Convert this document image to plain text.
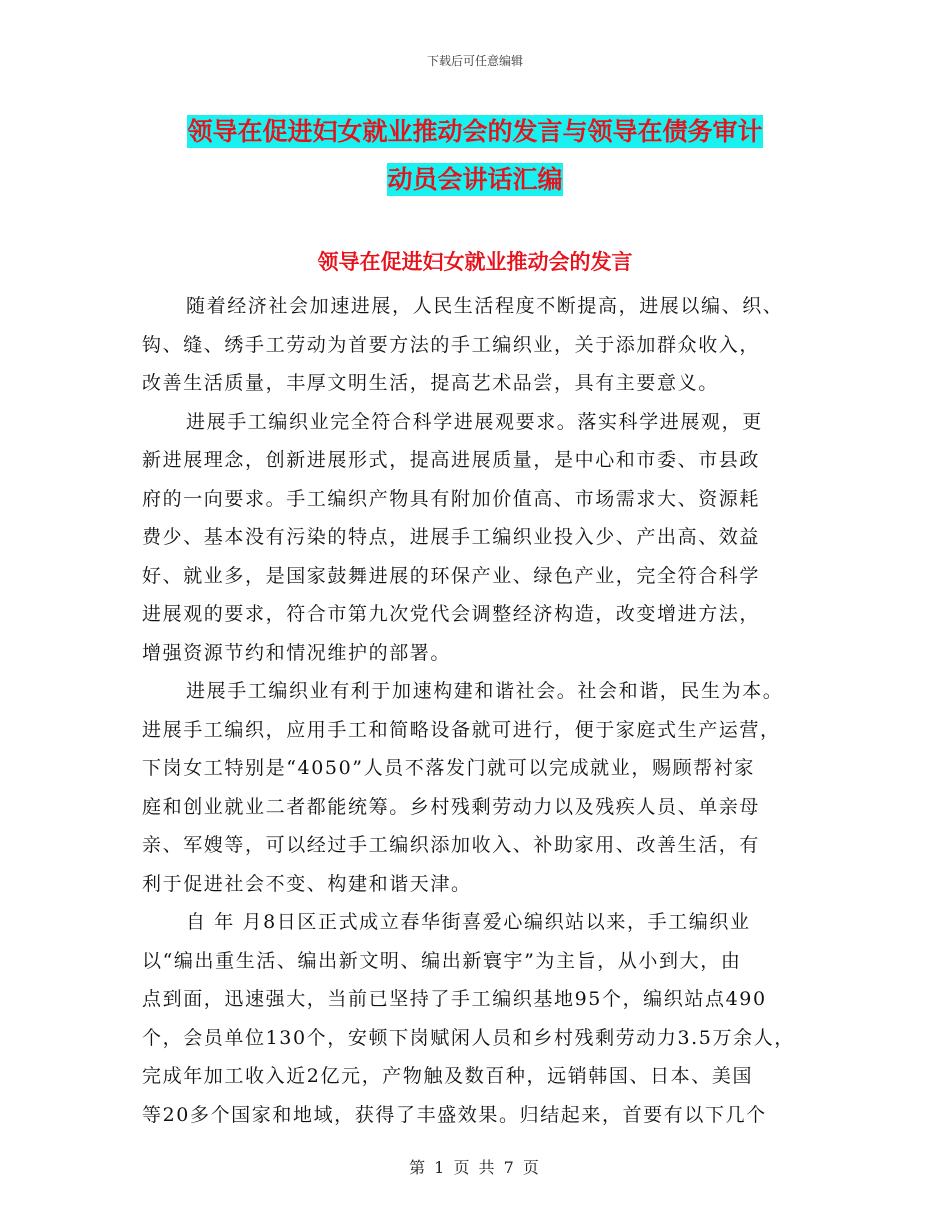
下载后可任意编辑
领导在促进妇女就业推动会的发言与领导在债务审计
动员会讲话汇编
领导在促进妇女就业推动会的发言
随着经济社会加速进展，人民生活程度不断提高，进展以编、织、
钩、缝、绣手工劳动为首要方法的手工编织业，关于添加群众收入，
改善生活质量，丰厚文明生活，提高艺术品尝，具有主要意义。
进展手工编织业完全符合科学进展观要求。落实科学进展观，更
新进展理念，创新进展形式，提高进展质量，是中心和市委、市县政
府的一向要求。手工编织产物具有附加价值高、市场需求大、资源耗
费少、基本没有污染的特点，进展手工编织业投入少、产出高、效益
好、就业多，是国家鼓舞进展的环保产业、绿色产业，完全符合科学
进展观的要求，符合市第九次党代会调整经济构造，改变增进方法，
增强资源节约和情况维护的部署。
进展手工编织业有利于加速构建和谐社会。社会和谐，民生为本。
进展手工编织，应用手工和简略设备就可进行，便于家庭式生产运营，
下岗女工特别是“4050”人员不落发门就可以完成就业，赐顾帮衬家
庭和创业就业二者都能统筹。乡村残剩劳动力以及残疾人员、单亲母
亲、军嫂等，可以经过手工编织添加收入、补助家用、改善生活，有
利于促进社会不变、构建和谐天津。
自 年 月8日区正式成立春华街喜爱心编织站以来，手工编织业
以“编出重生活、编出新文明、编出新寰宇”为主旨，从小到大，由
点到面，迅速强大，当前已坚持了手工编织基地95个，编织站点490
个，会员单位130个，安顿下岗赋闲人员和乡村残剩劳动力3.5万余人，
完成年加工收入近2亿元，产物触及数百种，远销韩国、日本、美国
等20多个国家和地域，获得了丰盛效果。归结起来，首要有以下几个
第 1 页 共 7 页
